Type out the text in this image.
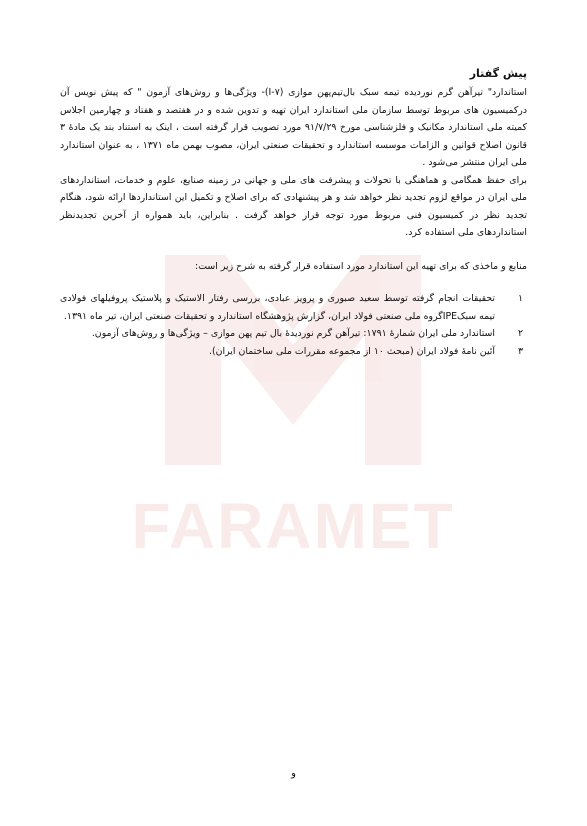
FARAMET
پیش گفتار

استاندارد" تیرآهن گرم نوردیده تیمه سبک بال‌تیم‌پهن موازی (I-۷)- ویژگی‌ها و روش‌های آزمون " که پیش نویس آن درکمیسیون های مربوط توسط سازمان ملی استاندارد ایران تهیه و تدوین شده و در هفتصد و هفتاد و چهارمین اجلاس کمیته ملی استاندارد مکانیک و فلزشناسی مورخ ۹۱/۷/۲۹ مورد تصویب قرار گرفته است ، اینک به استناد بند یک مادهٔ ۳ قانون اصلاح قوانین و الزامات موسسه استاندارد و تحقیقات صنعتی ایران، مصوب بهمن ماه ۱۳۷۱ ، به عنوان استاندارد ملی ایران منتشر می‌شود .

برای حفظ همگامی و هماهنگی با تحولات و پیشرفت های ملی و جهانی در زمینه صنایع، علوم و خدمات، استانداردهای ملی ایران در مواقع لزوم تجدید نظر خواهد شد و هر پیشنهادی که برای اصلاح و تکمیل این استانداردها ارائه شود، هنگام تجدید نظر در کمیسیون فنی مربوط مورد توجه قرار خواهد گرفت . بنابراین، باید همواره از آخرین تجدیدنظر استانداردهای ملی استفاده کرد.

منابع و ماخذی که برای تهیه این استاندارد مورد استفاده قرار گرفته به شرح زیر است:

۱
تحقیقات انجام گرفته توسط سعید صبوری و پرویز عبادی، بررسی رفتار الاستیک و پلاستیک پروفیلهای فولادی تیمه سبکIPEگروه ملی صنعتی فولاد ایران، گزارش پژوهشگاه استاندارد و تحقیقات صنعتی ایران، تیر ماه ۱۳۹۱.
۲
استاندارد ملی ایران شمارهٔ ۱۷۹۱: تیرآهن گرم نوردیدهٔ بال تیم پهن موازی – ویژگی‌ها و روش‌های آزمون.
۳
آئین نامهٔ فولاد ایران (مبحث ۱۰ از مجموعه مقررات ملی ساختمان ایران).
و
